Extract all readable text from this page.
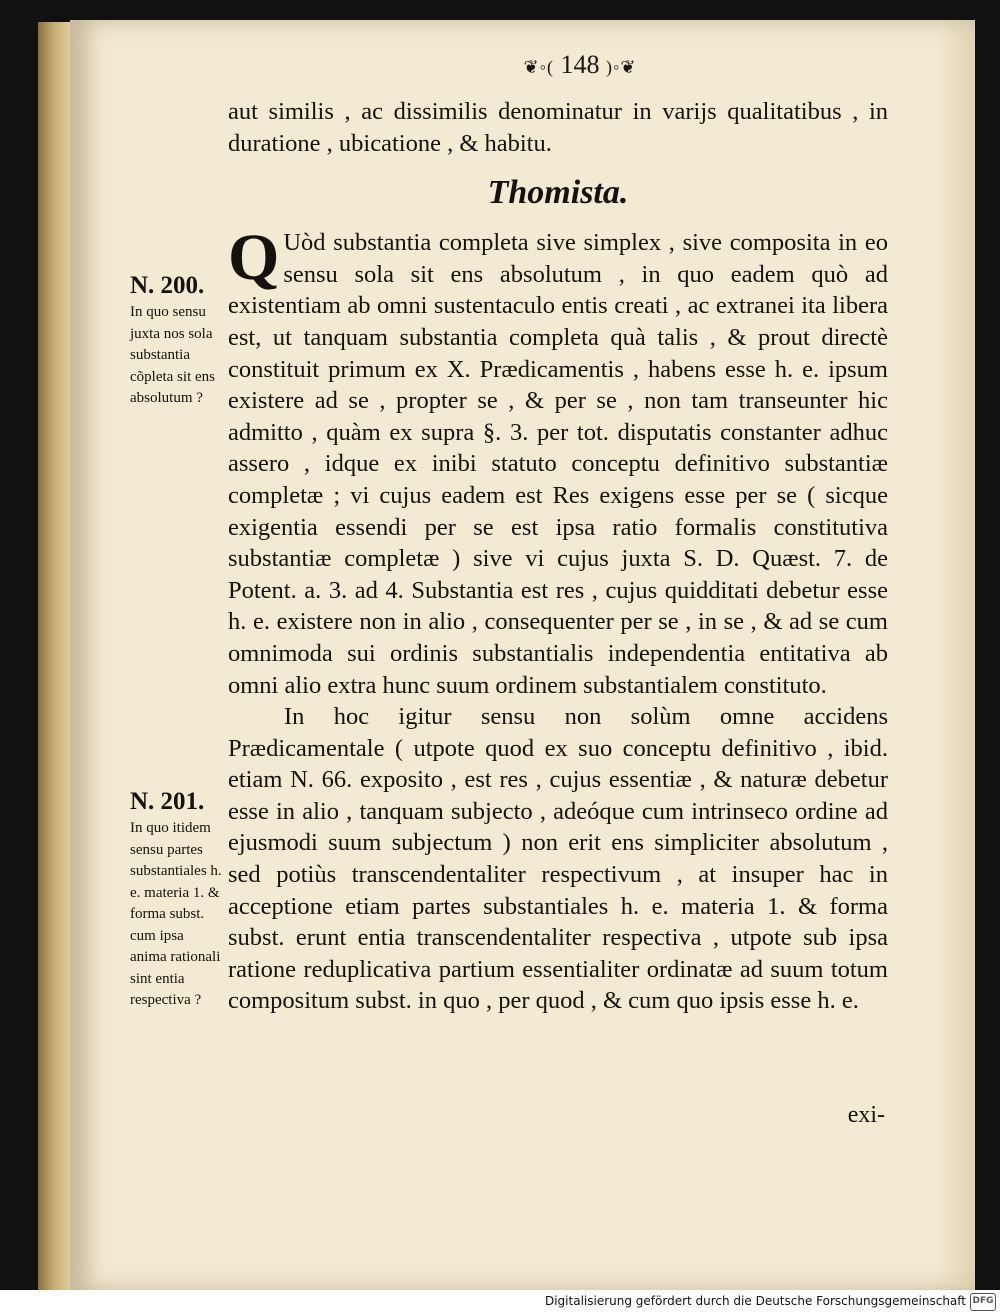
❦◦( 148 )◦❦

aut similis , ac dissimilis denominatur in varijs qualitatibus , in duratione , ubicatione , & habitu.

Thomista.

Q Uòd substantia completa sive simplex , sive composita in eo sensu sola sit ens absolutum , in quo eadem quò ad existentiam ab omni sustentaculo entis creati , ac extranei ita libera est, ut tanquam substantia completa quà talis , & prout directè constituit primum ex X. Prædicamentis , habens esse h. e. ipsum existere ad se , propter se , & per se , non tam transeunter hic admitto , quàm ex supra §. 3. per tot. disputatis constanter adhuc assero , idque ex inibi statuto conceptu definitivo substantiæ completæ ; vi cujus eadem est Res exigens esse per se ( sicque exigentia essendi per se est ipsa ratio formalis constitutiva substantiæ completæ ) sive vi cujus juxta S. D. Quæst. 7. de Potent. a. 3. ad 4. Substantia est res , cujus quidditati debetur esse h. e. existere non in alio , consequenter per se , in se , & ad se cum omnimoda sui ordinis substantialis independentia entitativa ab omni alio extra hunc suum ordinem substantialem constituto.

In hoc igitur sensu non solùm omne accidens Prædicamentale ( utpote quod ex suo conceptu definitivo , ibid. etiam N. 66. exposito , est res , cujus essentiæ , & naturæ debetur esse in alio , tanquam subjecto , adeóque cum intrinseco ordine ad ejusmodi suum subjectum ) non erit ens simpliciter absolutum , sed potiùs transcendentaliter respectivum , at insuper hac in acceptione etiam partes substantiales h. e. materia 1. & forma subst. erunt entia transcendentaliter respectiva , utpote sub ipsa ratione reduplicativa partium essentialiter ordinatæ ad suum totum compositum subst. in quo , per quod , & cum quo ipsis esse h. e.

N. 200.
In quo sensu juxta nos sola substantia cõpleta sit ens absolutum ?
N. 201.
In quo itidem sensu partes substantiales h. e. materia 1. & forma subst. cum ipsa anima rationali sint entia respectiva ?
exi-
Digitalisierung gefördert durch die Deutsche Forschungsgemeinschaft DFG
